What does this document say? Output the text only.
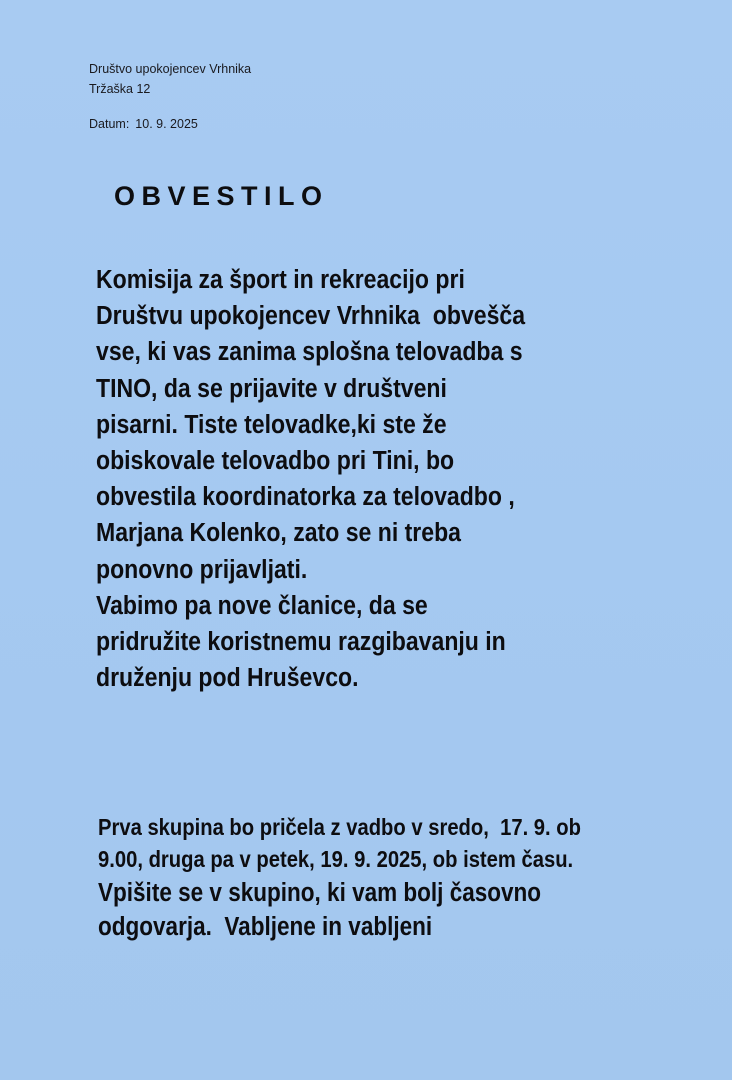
Društvo upokojencev Vrhnika
Tržaška 12
Datum: 10. 9. 2025
OBVESTILO
Komisija za šport in rekreacijo pri
Društvu upokojencev Vrhnika  obvešča
vse, ki vas zanima splošna telovadba s
TINO, da se prijavite v društveni
pisarni. Tiste telovadke,ki ste že
obiskovale telovadbo pri Tini, bo
obvestila koordinatorka za telovadbo ,
Marjana Kolenko, zato se ni treba
ponovno prijavljati.
Vabimo pa nove članice, da se
pridružite koristnemu razgibavanju in
druženju pod Hruševco.
Prva skupina bo pričela z vadbo v sredo,  17. 9. ob
9.00, druga pa v petek, 19. 9. 2025, ob istem času.
Vpišite se v skupino, ki vam bolj časovno
odgovarja.  Vabljene in vabljeni
